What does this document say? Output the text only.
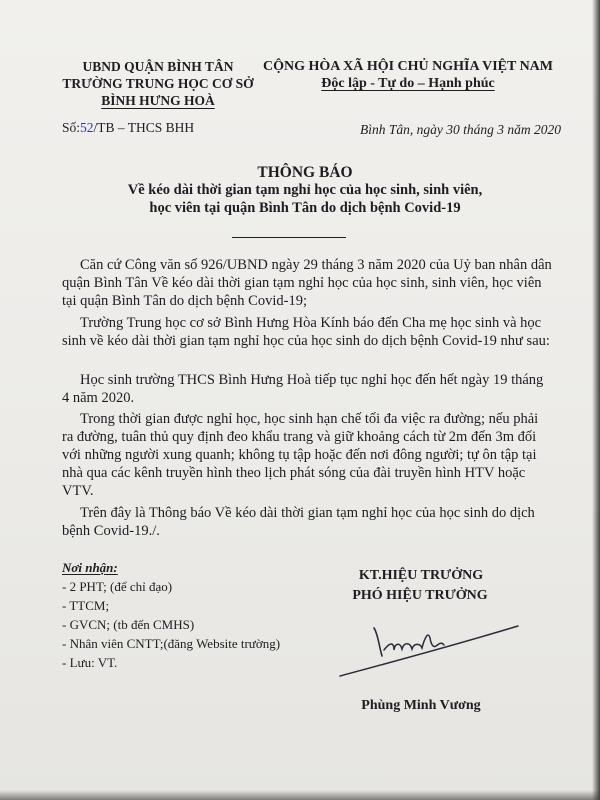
UBND QUẬN BÌNH TÂN
TRƯỜNG TRUNG HỌC CƠ SỞ
BÌNH HƯNG HOÀ
CỘNG HÒA XÃ HỘI CHỦ NGHĨA VIỆT NAM
Độc lập - Tự do – Hạnh phúc
Số:52/TB – THCS BHH	Bình Tân, ngày 30 tháng 3 năm 2020
THÔNG BÁO
Về kéo dài thời gian tạm nghỉ học của học sinh, sinh viên,
học viên tại quận Bình Tân do dịch bệnh Covid-19
Căn cứ Công văn số 926/UBND ngày 29 tháng 3 năm 2020 của Uỷ ban nhân dân quận Bình Tân Về kéo dài thời gian tạm nghỉ học của học sinh, sinh viên, học viên tại quận Bình Tân do dịch bệnh Covid-19;
Trường Trung học cơ sở Bình Hưng Hòa Kính báo đến Cha mẹ học sinh và học sinh về kéo dài thời gian tạm nghỉ học của học sinh do dịch bệnh Covid-19 như sau:
Học sinh trường THCS Bình Hưng Hoà tiếp tục nghỉ học đến hết ngày 19 tháng 4 năm 2020.
Trong thời gian được nghỉ học, học sinh hạn chế tối đa việc ra đường; nếu phải ra đường, tuân thủ quy định đeo khẩu trang và giữ khoảng cách từ 2m đến 3m đối với những người xung quanh; không tụ tập hoặc đến nơi đông người; tự ôn tập tại nhà qua các kênh truyền hình theo lịch phát sóng của đài truyền hình HTV hoặc VTV.
Trên đây là Thông báo Về kéo dài thời gian tạm nghỉ học của học sinh do dịch bệnh Covid-19./.
Nơi nhận:
- 2 PHT; (để chỉ đạo)
- TTCM;
- GVCN; (tb đến CMHS)
- Nhân viên CNTT;(đăng Website trường)
- Lưu: VT.
KT.HIỆU TRƯỞNG
PHÓ HIỆU TRƯỞNG
Phùng Minh Vương
